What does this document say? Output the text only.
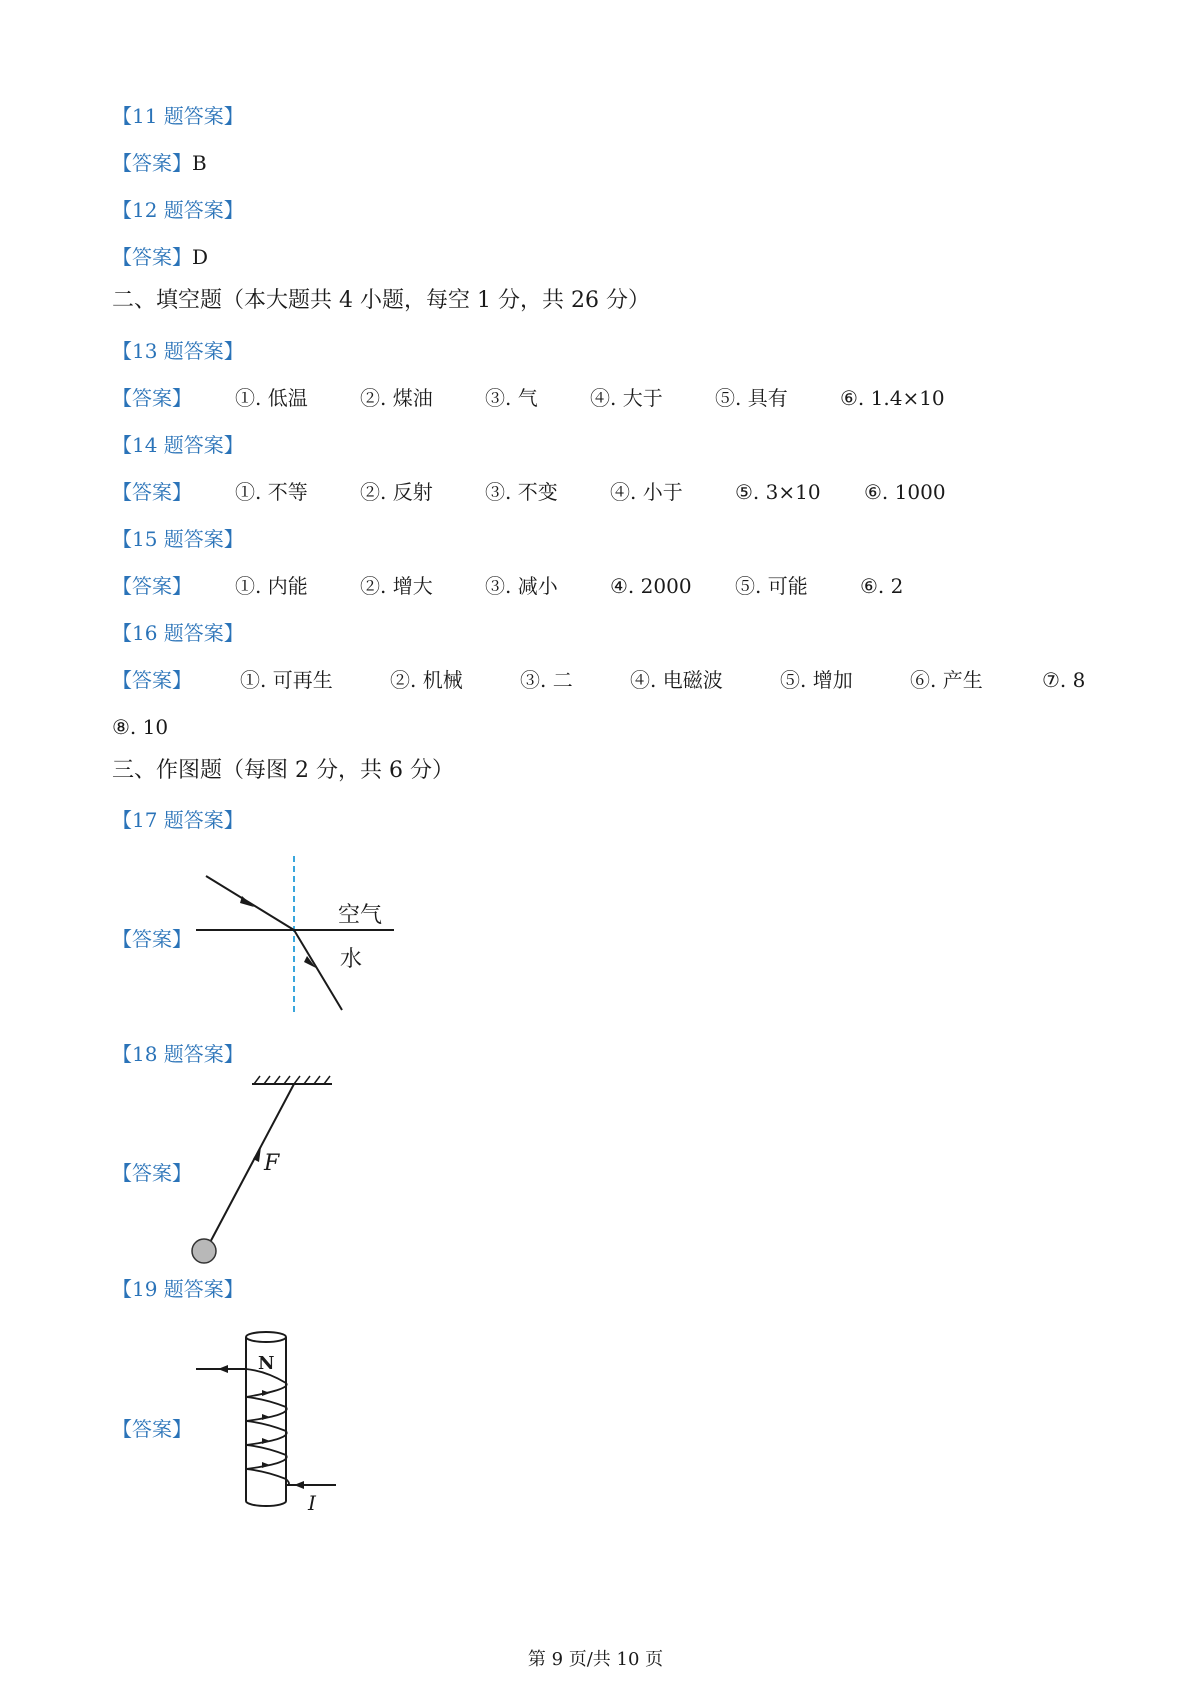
【11 题答案】
【答案】B
【12 题答案】
【答案】D
二、填空题（本大题共 4 小题，每空 1 分，共 26 分）
【13 题答案】
【答案】 ①. 低温	②. 煤油	③. 气	④. 大于	⑤. 具有	⑥. 1.4×10
【14 题答案】
【答案】 ①. 不等	②. 反射	③. 不变	④. 小于	⑤. 3×10 ⑥. 1000
【15 题答案】
【答案】 ①. 内能	②. 增大	③. 减小	④. 2000 ⑤. 可能	⑥. 2
【16 题答案】
【答案】 ①. 可再生	②. 机械	③. 二	④. 电磁波	⑤. 增加	⑥. 产生	⑦. 8
⑧. 10
三、作图题（每图 2 分，共 6 分）
【17 题答案】
【答案】
空气
水
【18 题答案】
【答案】	F
【19 题答案】
【答案】
N
I
第 9 页/共 10 页
